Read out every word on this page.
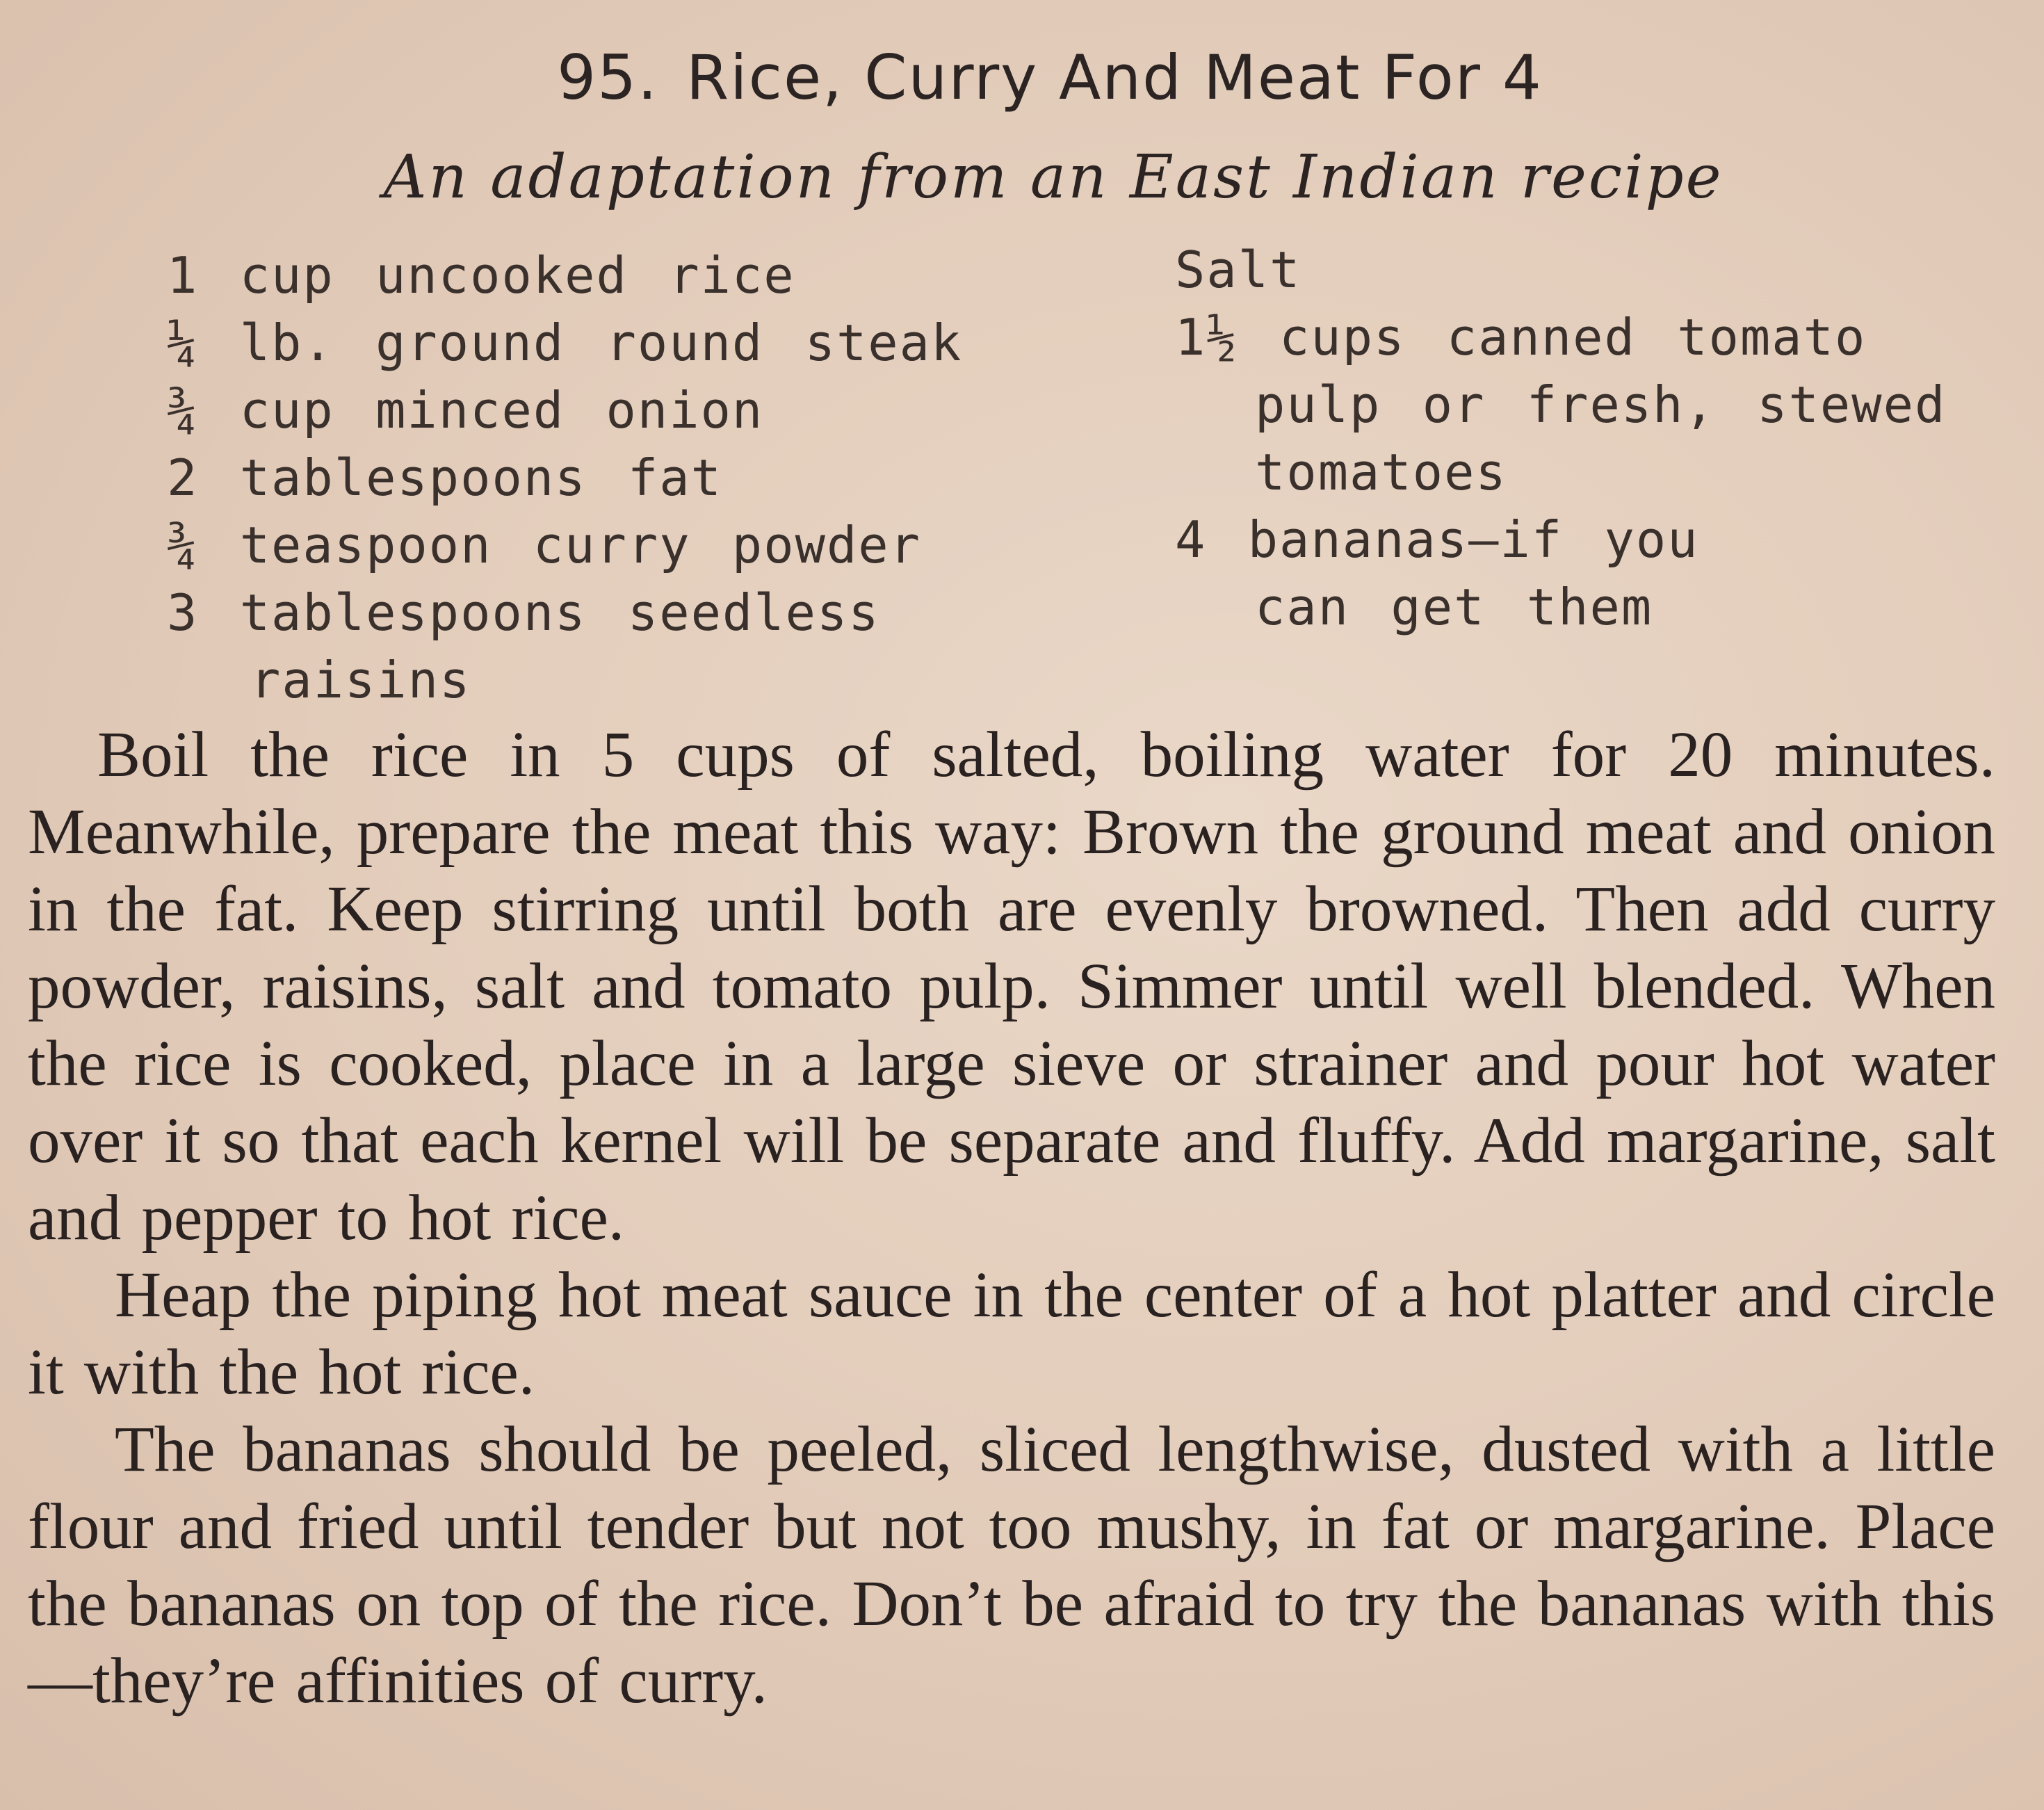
95. Rice, Curry And Meat For 4
An adaptation from an East Indian recipe

1 cup uncooked rice

¼ lb. ground round steak

¾ cup minced onion

2 tablespoons fat

¾ teaspoon curry powder

3 tablespoons seedless

raisins

Salt

1½ cups canned tomato

pulp or fresh, stewed

tomatoes

4 bananas—if you

can get them

Boil the rice in 5 cups of salted, boiling water for 20 minutes. Meanwhile, prepare the meat this way: Brown the ground meat and onion in the fat. Keep stirring until both are evenly browned. Then add curry powder, raisins, salt and tomato pulp. Simmer until well blended. When the rice is cooked, place in a large sieve or strainer and pour hot water over it so that each kernel will be separate and fluffy. Add margarine, salt and pepper to hot rice.

Heap the piping hot meat sauce in the center of a hot platter and circle it with the hot rice.

The bananas should be peeled, sliced lengthwise, dusted with a little flour and fried until tender but not too mushy, in fat or margarine. Place the bananas on top of the rice. Don’t be afraid to try the bananas with this—they’re affinities of curry.
